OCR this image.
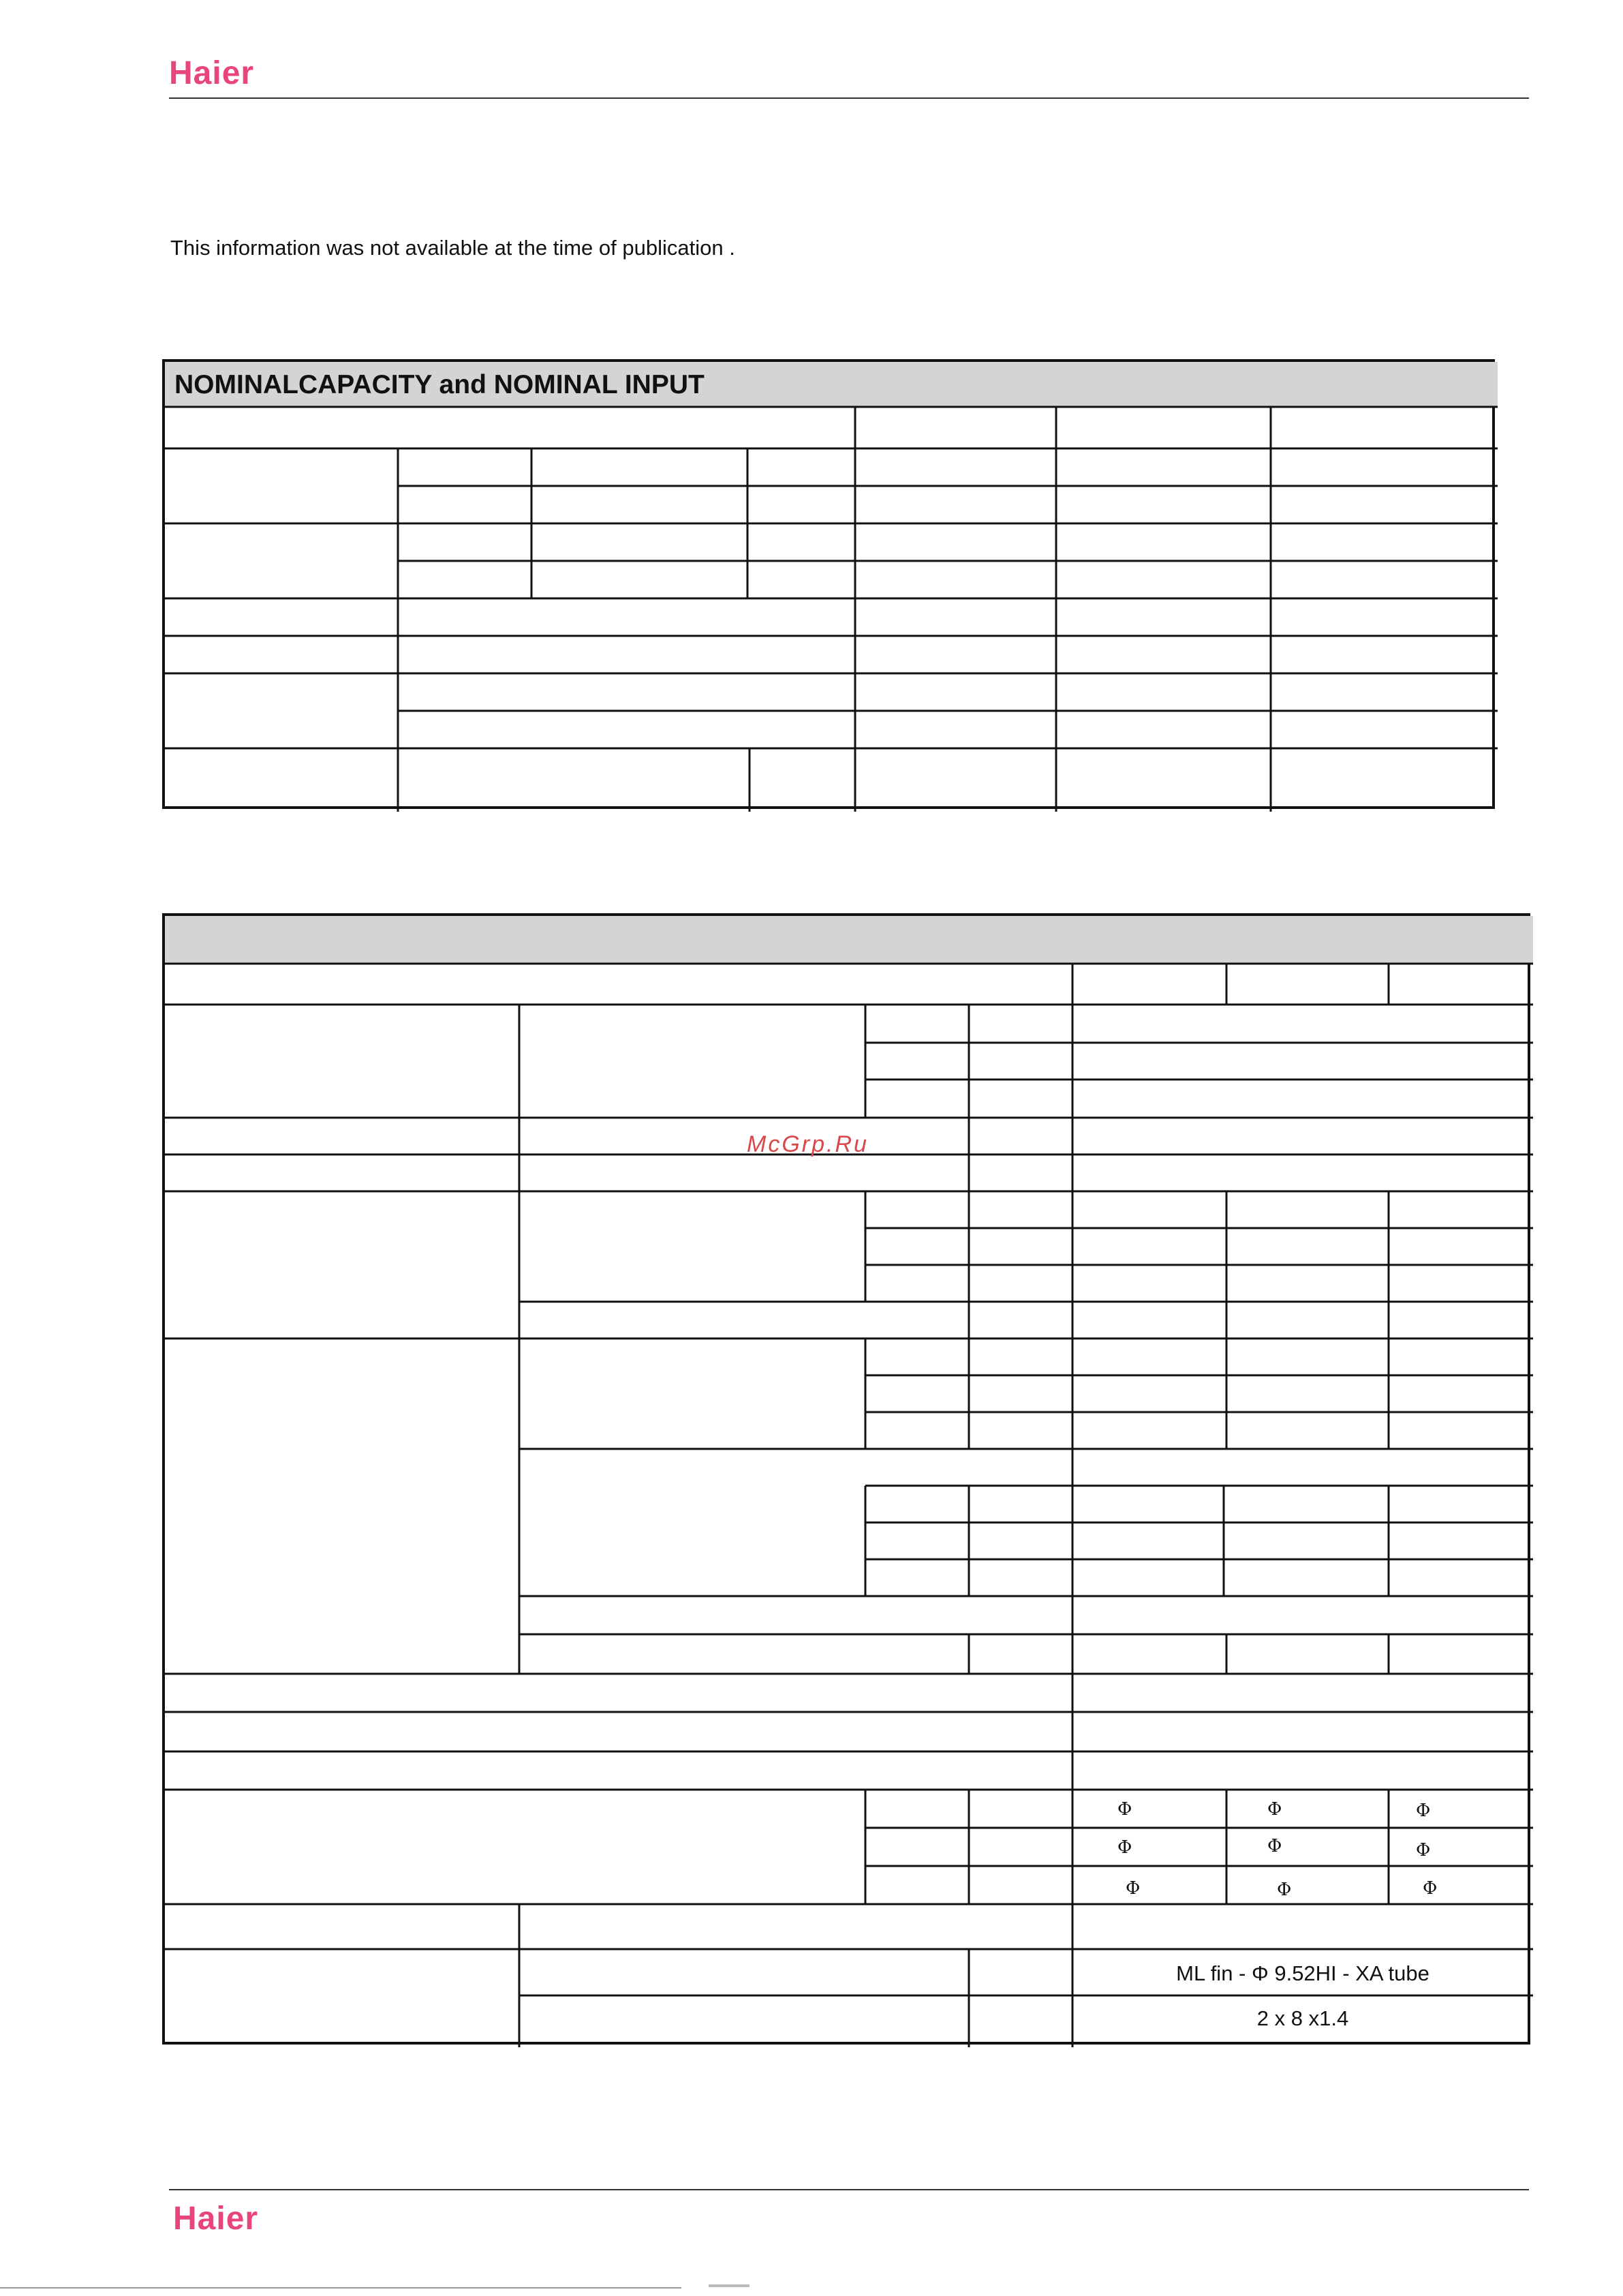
Haier
This information was not available at the time of publication .
NOMINALCAPACITY and NOMINAL INPUT
Φ	Φ	Φ
Φ	Φ	Φ
Φ	Φ	Φ
ML fin - Φ 9.52HI - XA tube
2 x 8 x1.4
McGrp.Ru
Haier
